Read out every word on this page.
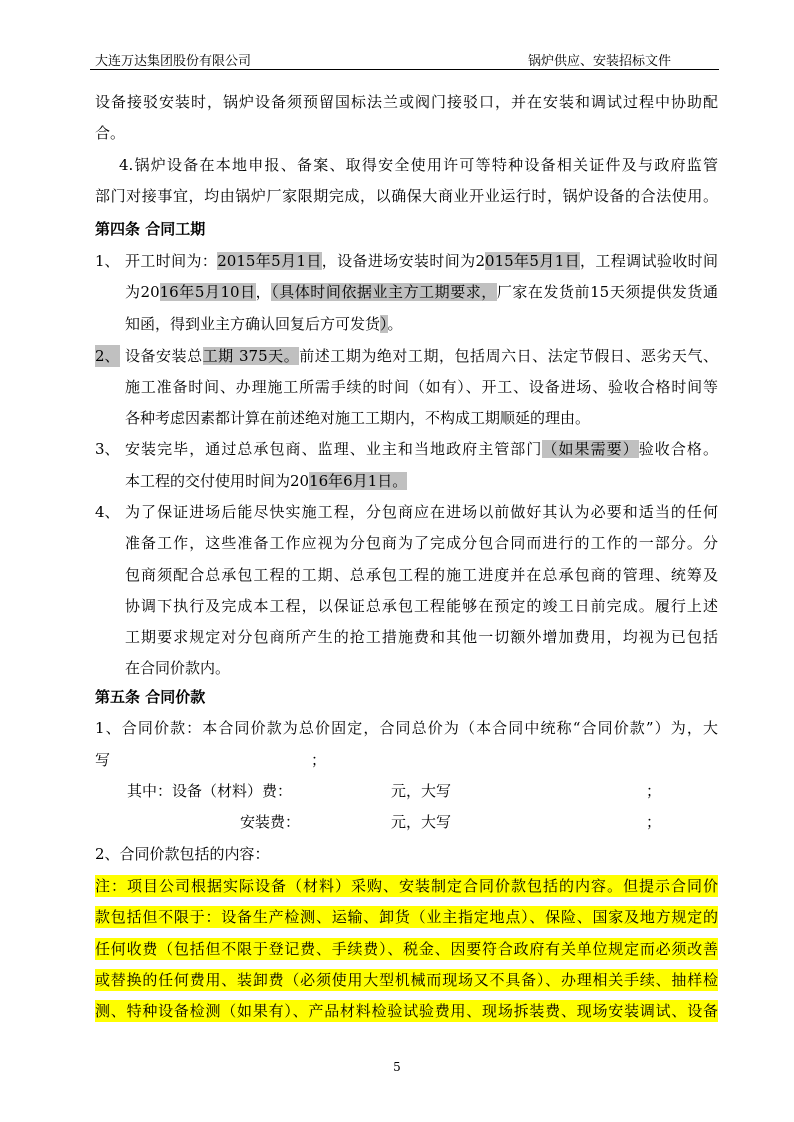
大连万达集团股份有限公司	锅炉供应、安装招标文件
设备接驳安装时，锅炉设备须预留国标法兰或阀门接驳口，并在安装和调试过程中协助配
合。
4.锅炉设备在本地申报、备案、取得安全使用许可等特种设备相关证件及与政府监管
部门对接事宜，均由锅炉厂家限期完成，以确保大商业开业运行时，锅炉设备的合法使用。
第四条 合同工期
1、 开工时间为：2015年5月1日，设备进场安装时间为2015年5月1日，工程调试验收时间
为2016年5月10日，（具体时间依据业主方工期要求，厂家在发货前15天须提供发货通
知函，得到业主方确认回复后方可发货）。
2、 设备安装总工期 375天。前述工期为绝对工期，包括周六日、法定节假日、恶劣天气、
施工准备时间、办理施工所需手续的时间（如有）、开工、设备进场、验收合格时间等
各种考虑因素都计算在前述绝对施工工期内，不构成工期顺延的理由。
3、 安装完毕，通过总承包商、监理、业主和当地政府主管部门（如果需要）验收合格。
本工程的交付使用时间为2016年6月1日。
4、 为了保证进场后能尽快实施工程，分包商应在进场以前做好其认为必要和适当的任何
准备工作，这些准备工作应视为分包商为了完成分包合同而进行的工作的一部分。分
包商须配合总承包工程的工期、总承包工程的施工进度并在总承包商的管理、统筹及
协调下执行及完成本工程，以保证总承包工程能够在预定的竣工日前完成。履行上述
工期要求规定对分包商所产生的抢工措施费和其他一切额外增加费用，均视为已包括
在合同价款内。
第五条 合同价款
1、合同价款：本合同价款为总价固定，合同总价为（本合同中统称“合同价款”）为，大
写	；
其中：设备（材料）费：	元，大写	；
安装费：	元，大写	；
2、合同价款包括的内容：
注：项目公司根据实际设备（材料）采购、安装制定合同价款包括的内容。但提示合同价
款包括但不限于：设备生产检测、运输、卸货（业主指定地点）、保险、国家及地方规定的
任何收费（包括但不限于登记费、手续费）、税金、因要符合政府有关单位规定而必须改善
或替换的任何费用、装卸费（必须使用大型机械而现场又不具备）、办理相关手续、抽样检
测、特种设备检测（如果有）、产品材料检验试验费用、现场拆装费、现场安装调试、设备
5
